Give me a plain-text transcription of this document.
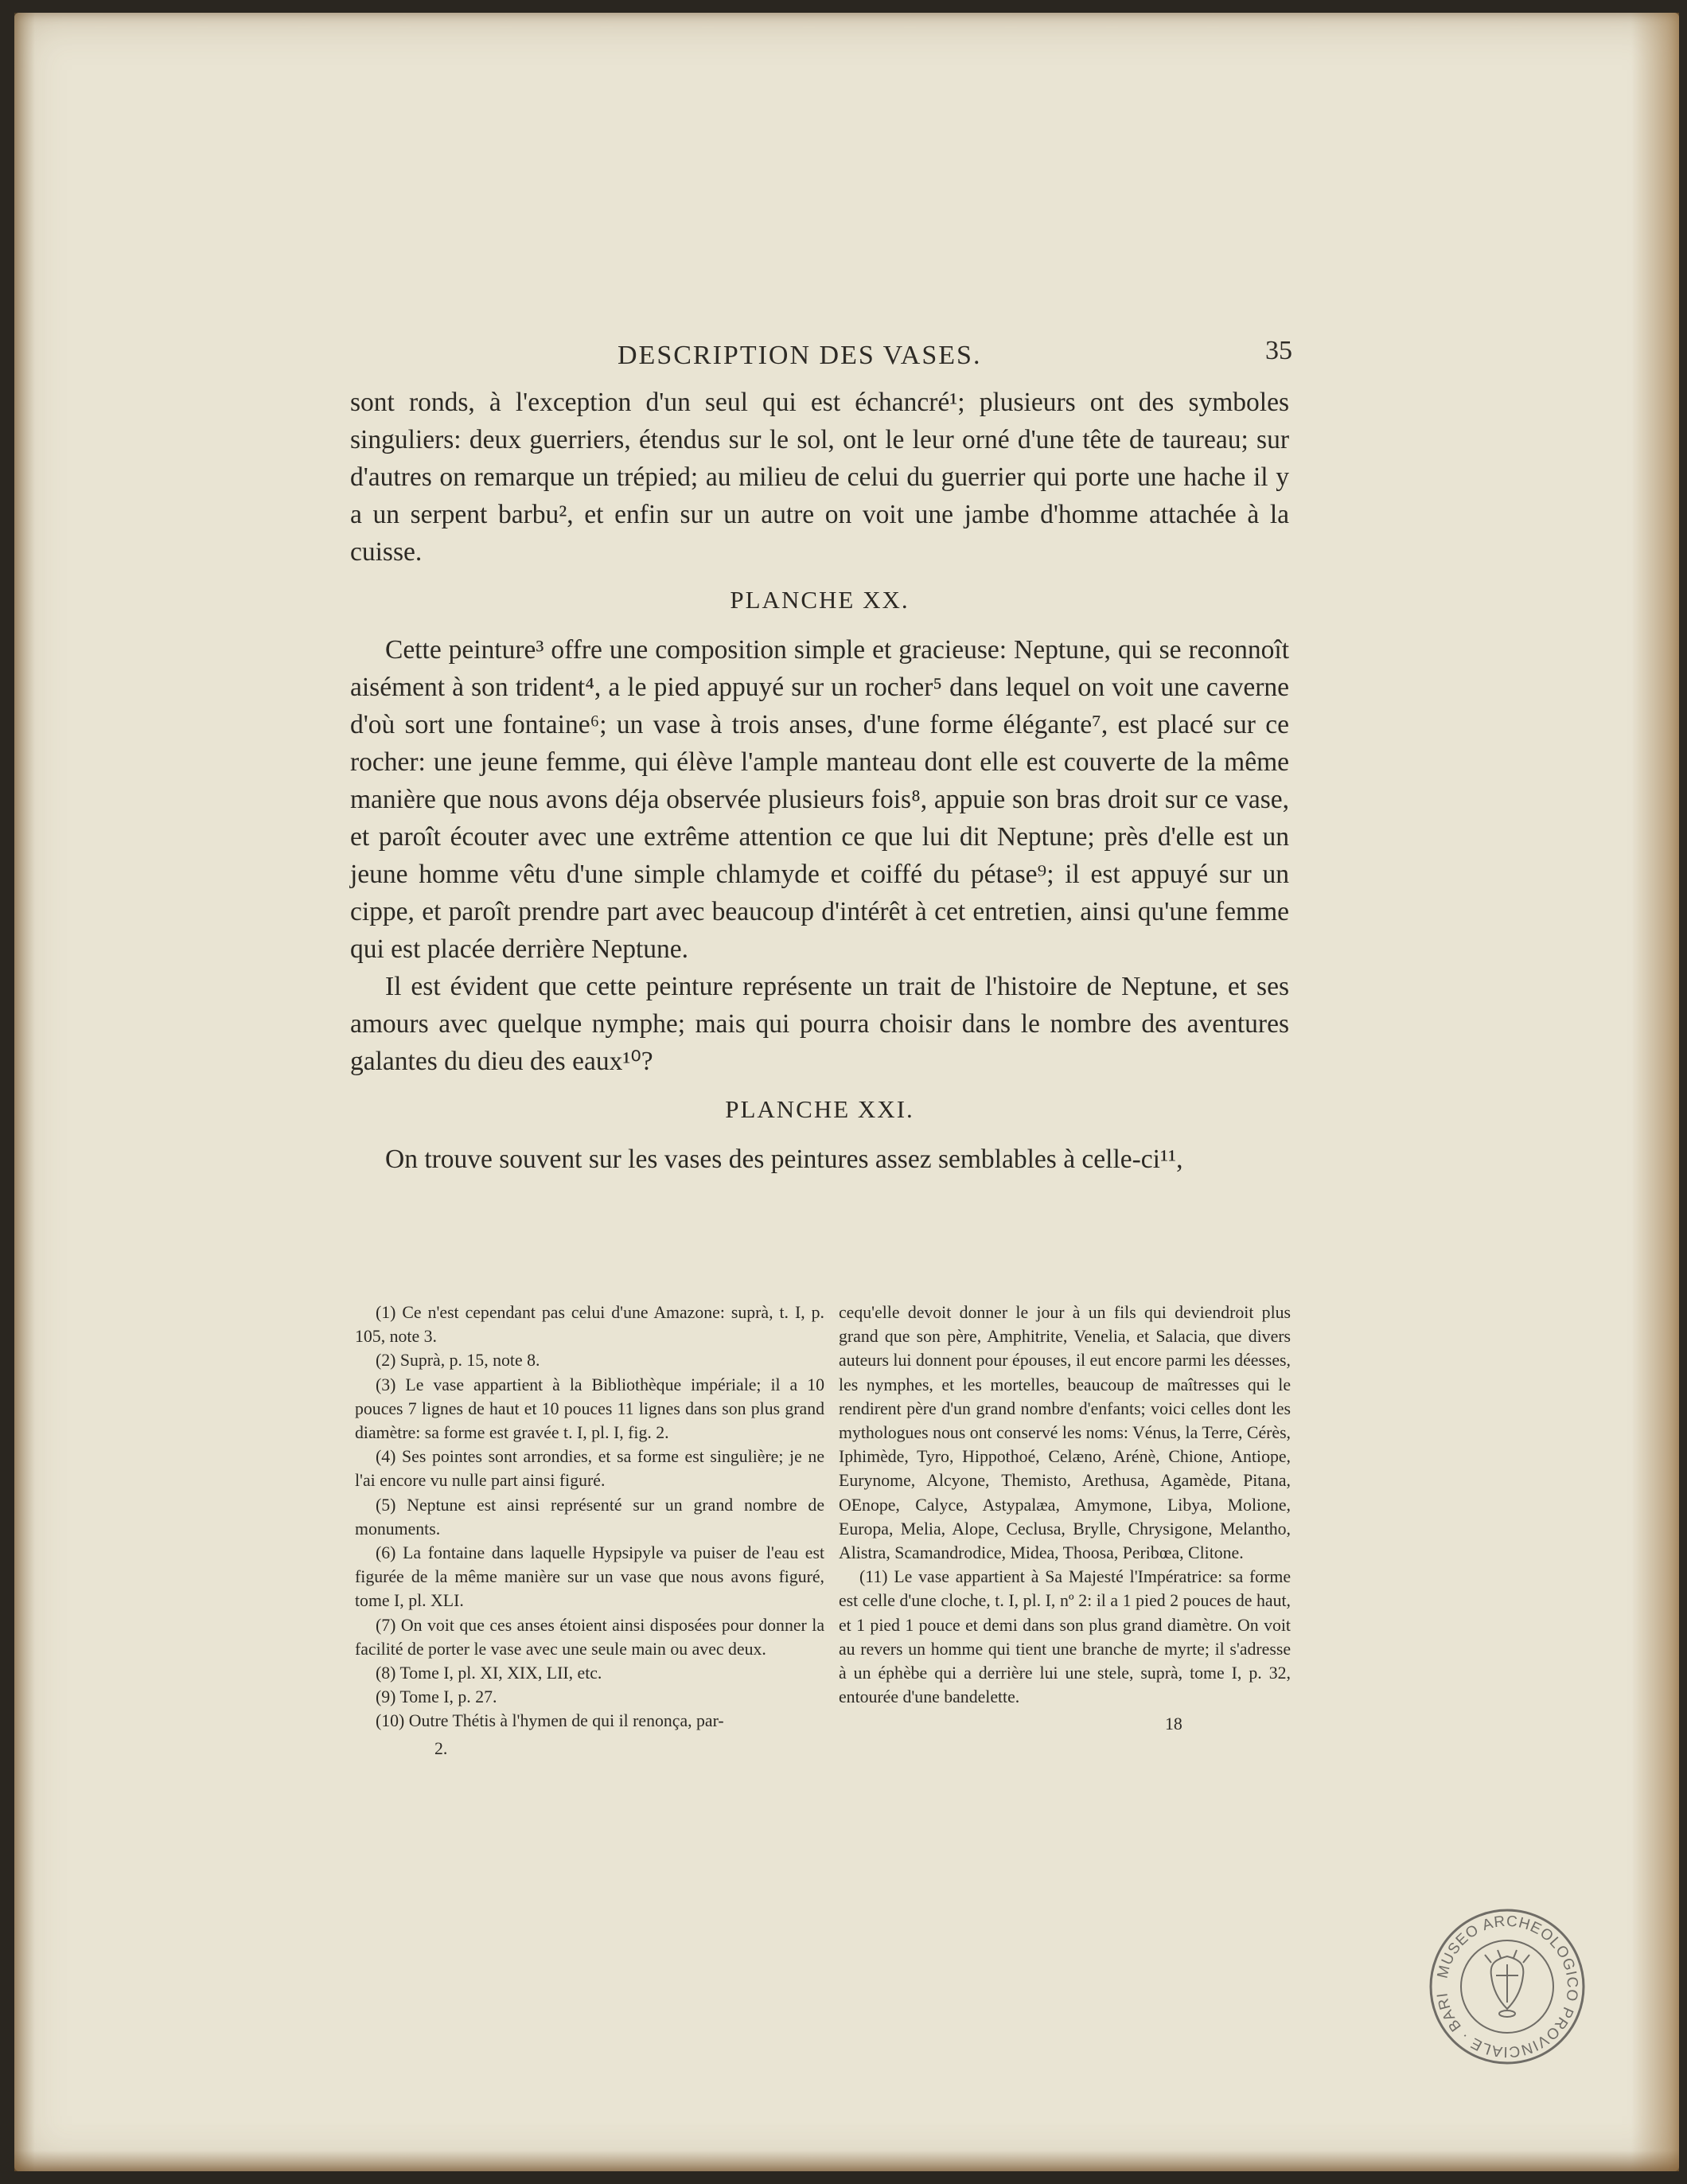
DESCRIPTION DES VASES.	35

sont ronds, à l'exception d'un seul qui est échancré¹; plusieurs ont des symboles singuliers: deux guerriers, étendus sur le sol, ont le leur orné d'une tête de taureau; sur d'autres on remarque un trépied; au milieu de celui du guerrier qui porte une hache il y a un serpent barbu², et enfin sur un autre on voit une jambe d'homme attachée à la cuisse.

PLANCHE XX.

Cette peinture³ offre une composition simple et gracieuse: Neptune, qui se reconnoît aisément à son trident⁴, a le pied appuyé sur un rocher⁵ dans lequel on voit une caverne d'où sort une fontaine⁶; un vase à trois anses, d'une forme élégante⁷, est placé sur ce rocher: une jeune femme, qui élève l'ample manteau dont elle est couverte de la même manière que nous avons déja observée plusieurs fois⁸, appuie son bras droit sur ce vase, et paroît écouter avec une extrême attention ce que lui dit Neptune; près d'elle est un jeune homme vêtu d'une simple chlamyde et coiffé du pétase⁹; il est appuyé sur un cippe, et paroît prendre part avec beaucoup d'intérêt à cet entretien, ainsi qu'une femme qui est placée derrière Neptune.

Il est évident que cette peinture représente un trait de l'histoire de Neptune, et ses amours avec quelque nymphe; mais qui pourra choisir dans le nombre des aventures galantes du dieu des eaux¹⁰?

PLANCHE XXI.

On trouve souvent sur les vases des peintures assez semblables à celle-ci¹¹,

(1) Ce n'est cependant pas celui d'une Amazone: suprà, t. I, p. 105, note 3.

(2) Suprà, p. 15, note 8.

(3) Le vase appartient à la Bibliothèque impériale; il a 10 pouces 7 lignes de haut et 10 pouces 11 lignes dans son plus grand diamètre: sa forme est gravée t. I, pl. I, fig. 2.

(4) Ses pointes sont arrondies, et sa forme est singulière; je ne l'ai encore vu nulle part ainsi figuré.

(5) Neptune est ainsi représenté sur un grand nombre de monuments.

(6) La fontaine dans laquelle Hypsipyle va puiser de l'eau est figurée de la même manière sur un vase que nous avons figuré, tome I, pl. XLI.

(7) On voit que ces anses étoient ainsi disposées pour donner la facilité de porter le vase avec une seule main ou avec deux.

(8) Tome I, pl. XI, XIX, LII, etc.

(9) Tome I, p. 27.

(10) Outre Thétis à l'hymen de qui il renonça, par-

2.

cequ'elle devoit donner le jour à un fils qui deviendroit plus grand que son père, Amphitrite, Venelia, et Salacia, que divers auteurs lui donnent pour épouses, il eut encore parmi les déesses, les nymphes, et les mortelles, beaucoup de maîtresses qui le rendirent père d'un grand nombre d'enfants; voici celles dont les mythologues nous ont conservé les noms: Vénus, la Terre, Cérès, Iphimède, Tyro, Hippothoé, Celæno, Arénè, Chione, Antiope, Eurynome, Alcyone, Themisto, Arethusa, Agamède, Pitana, OEnope, Calyce, Astypalæa, Amymone, Libya, Molione, Europa, Melia, Alope, Ceclusa, Brylle, Chrysigone, Melantho, Alistra, Scamandrodice, Midea, Thoosa, Peribœa, Clitone.

(11) Le vase appartient à Sa Majesté l'Impératrice: sa forme est celle d'une cloche, t. I, pl. I, nº 2: il a 1 pied 2 pouces de haut, et 1 pied 1 pouce et demi dans son plus grand diamètre. On voit au revers un homme qui tient une branche de myrte; il s'adresse à un éphèbe qui a derrière lui une stele, suprà, tome I, p. 32, entourée d'une bandelette.

18

MUSEO ARCHEOLOGICO PROVINCIALE · BARI
